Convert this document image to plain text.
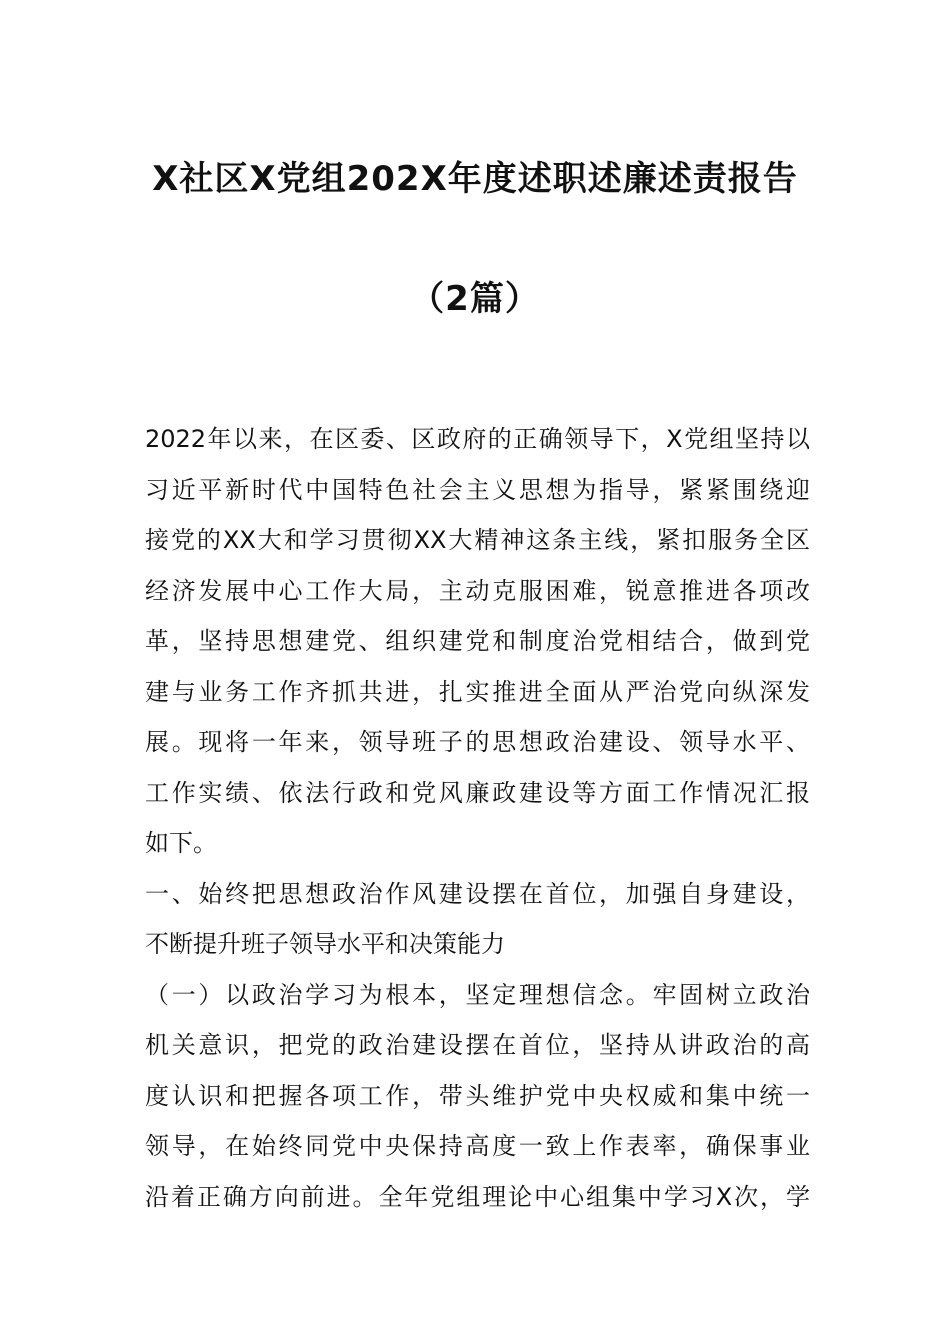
X社区X党组202X年度述职述廉述责报告
（2篇）
2022年以来，在区委、区政府的正确领导下，X党组坚持以
习近平新时代中国特色社会主义思想为指导，紧紧围绕迎
接党的XX大和学习贯彻XX大精神这条主线，紧扣服务全区
经济发展中心工作大局，主动克服困难，锐意推进各项改
革，坚持思想建党、组织建党和制度治党相结合，做到党
建与业务工作齐抓共进，扎实推进全面从严治党向纵深发
展。现将一年来，领导班子的思想政治建设、领导水平、
工作实绩、依法行政和党风廉政建设等方面工作情况汇报
如下。
一、始终把思想政治作风建设摆在首位，加强自身建设，
不断提升班子领导水平和决策能力
（一）以政治学习为根本，坚定理想信念。牢固树立政治
机关意识，把党的政治建设摆在首位，坚持从讲政治的高
度认识和把握各项工作，带头维护党中央权威和集中统一
领导，在始终同党中央保持高度一致上作表率，确保事业
沿着正确方向前进。全年党组理论中心组集中学习X次，学
